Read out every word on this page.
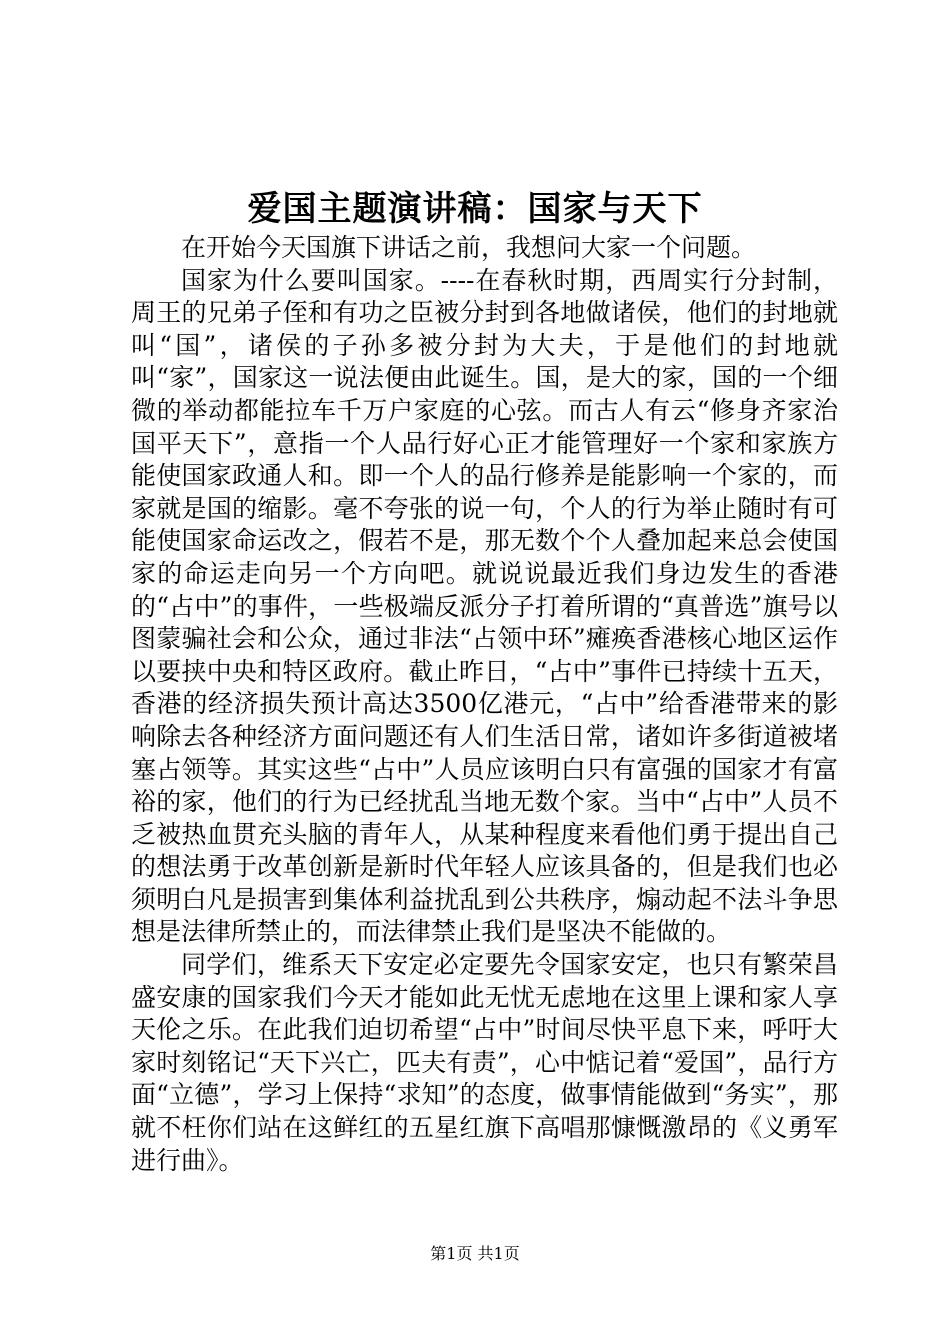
爱国主题演讲稿：国家与天下

在开始今天国旗下讲话之前，我想问大家一个问题。

国家为什么要叫国家。----在春秋时期，西周实行分封制，周王的兄弟子侄和有功之臣被分封到各地做诸侯，他们的封地就叫“国”，诸侯的子孙多被分封为大夫，于是他们的封地就叫“家”，国家这一说法便由此诞生。国，是大的家，国的一个细微的举动都能拉车千万户家庭的心弦。而古人有云“修身齐家治国平天下”，意指一个人品行好心正才能管理好一个家和家族方能使国家政通人和。即一个人的品行修养是能影响一个家的，而家就是国的缩影。毫不夸张的说一句，个人的行为举止随时有可能使国家命运改之，假若不是，那无数个个人叠加起来总会使国家的命运走向另一个方向吧。就说说最近我们身边发生的香港的“占中”的事件，一些极端反派分子打着所谓的“真普选”旗号以图蒙骗社会和公众，通过非法“占领中环”瘫痪香港核心地区运作以要挟中央和特区政府。截止昨日，“占中”事件已持续十五天，香港的经济损失预计高达3500亿港元，“占中”给香港带来的影响除去各种经济方面问题还有人们生活日常，诸如许多街道被堵塞占领等。其实这些“占中”人员应该明白只有富强的国家才有富裕的家，他们的行为已经扰乱当地无数个家。当中“占中”人员不乏被热血贯充头脑的青年人，从某种程度来看他们勇于提出自己的想法勇于改革创新是新时代年轻人应该具备的，但是我们也必须明白凡是损害到集体利益扰乱到公共秩序，煽动起不法斗争思想是法律所禁止的，而法律禁止我们是坚决不能做的。

同学们，维系天下安定必定要先令国家安定，也只有繁荣昌盛安康的国家我们今天才能如此无忧无虑地在这里上课和家人享天伦之乐。在此我们迫切希望“占中”时间尽快平息下来，呼吁大家时刻铭记“天下兴亡，匹夫有责”，心中惦记着“爱国”，品行方面“立德”，学习上保持“求知”的态度，做事情能做到“务实”，那就不枉你们站在这鲜红的五星红旗下高唱那慷慨激昂的《义勇军进行曲》。

第1页 共1页
